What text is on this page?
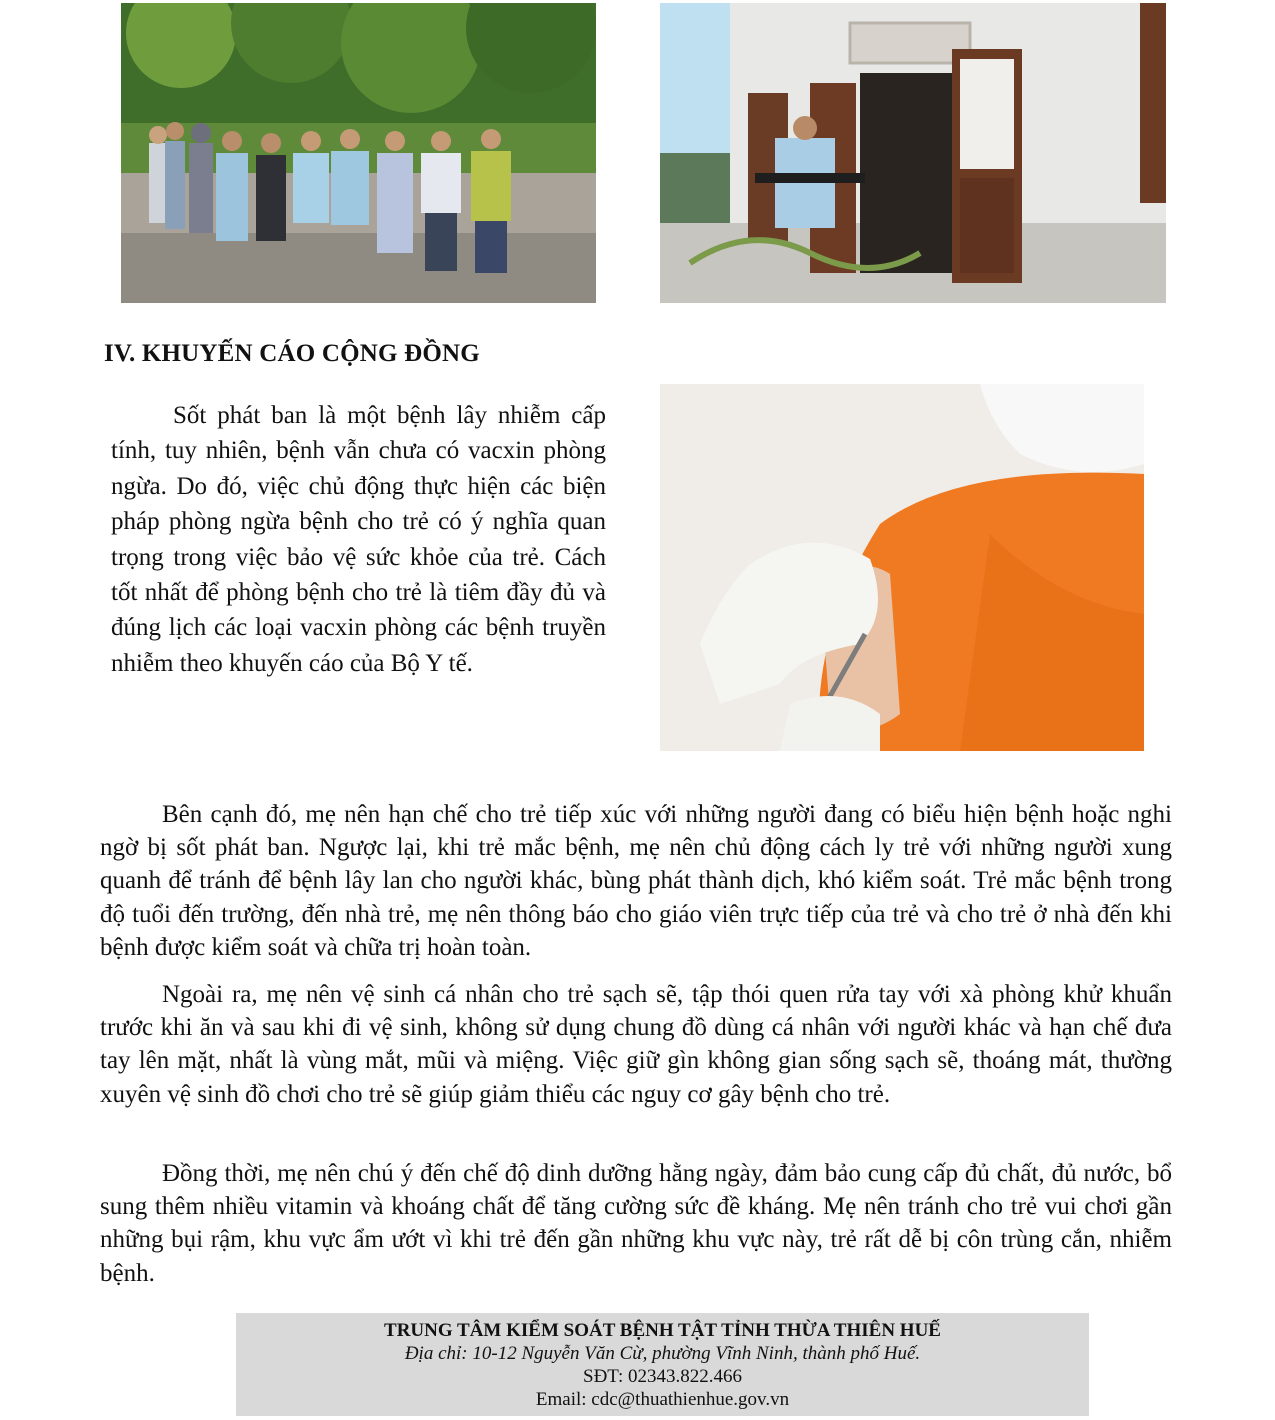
IV. KHUYẾN CÁO CỘNG ĐỒNG

Sốt phát ban là một bệnh lây nhiễm cấp tính, tuy nhiên, bệnh vẫn chưa có vacxin phòng ngừa. Do đó, việc chủ động thực hiện các biện pháp phòng ngừa bệnh cho trẻ có ý nghĩa quan trọng trong việc bảo vệ sức khỏe của trẻ. Cách tốt nhất để phòng bệnh cho trẻ là tiêm đầy đủ và đúng lịch các loại vacxin phòng các bệnh truyền nhiễm theo khuyến cáo của Bộ Y tế.

Bên cạnh đó, mẹ nên hạn chế cho trẻ tiếp xúc với những người đang có biểu hiện bệnh hoặc nghi ngờ bị sốt phát ban. Ngược lại, khi trẻ mắc bệnh, mẹ nên chủ động cách ly trẻ với những người xung quanh để tránh để bệnh lây lan cho người khác, bùng phát thành dịch, khó kiểm soát. Trẻ mắc bệnh trong độ tuổi đến trường, đến nhà trẻ, mẹ nên thông báo cho giáo viên trực tiếp của trẻ và cho trẻ ở nhà đến khi bệnh được kiểm soát và chữa trị hoàn toàn.

Ngoài ra, mẹ nên vệ sinh cá nhân cho trẻ sạch sẽ, tập thói quen rửa tay với xà phòng khử khuẩn trước khi ăn và sau khi đi vệ sinh, không sử dụng chung đồ dùng cá nhân với người khác và hạn chế đưa tay lên mặt, nhất là vùng mắt, mũi và miệng. Việc giữ gìn không gian sống sạch sẽ, thoáng mát, thường xuyên vệ sinh đồ chơi cho trẻ sẽ giúp giảm thiểu các nguy cơ gây bệnh cho trẻ.

Đồng thời, mẹ nên chú ý đến chế độ dinh dưỡng hằng ngày, đảm bảo cung cấp đủ chất, đủ nước, bổ sung thêm nhiều vitamin và khoáng chất để tăng cường sức đề kháng. Mẹ nên tránh cho trẻ vui chơi gần những bụi rậm, khu vực ẩm ướt vì khi trẻ đến gần những khu vực này, trẻ rất dễ bị côn trùng cắn, nhiễm bệnh.

TRUNG TÂM KIỂM SOÁT BỆNH TẬT TỈNH THỪA THIÊN HUẾ
Địa chỉ: 10-12 Nguyễn Văn Cừ, phường Vĩnh Ninh, thành phố Huế.
SĐT: 02343.822.466
Email: cdc@thuathienhue.gov.vn
